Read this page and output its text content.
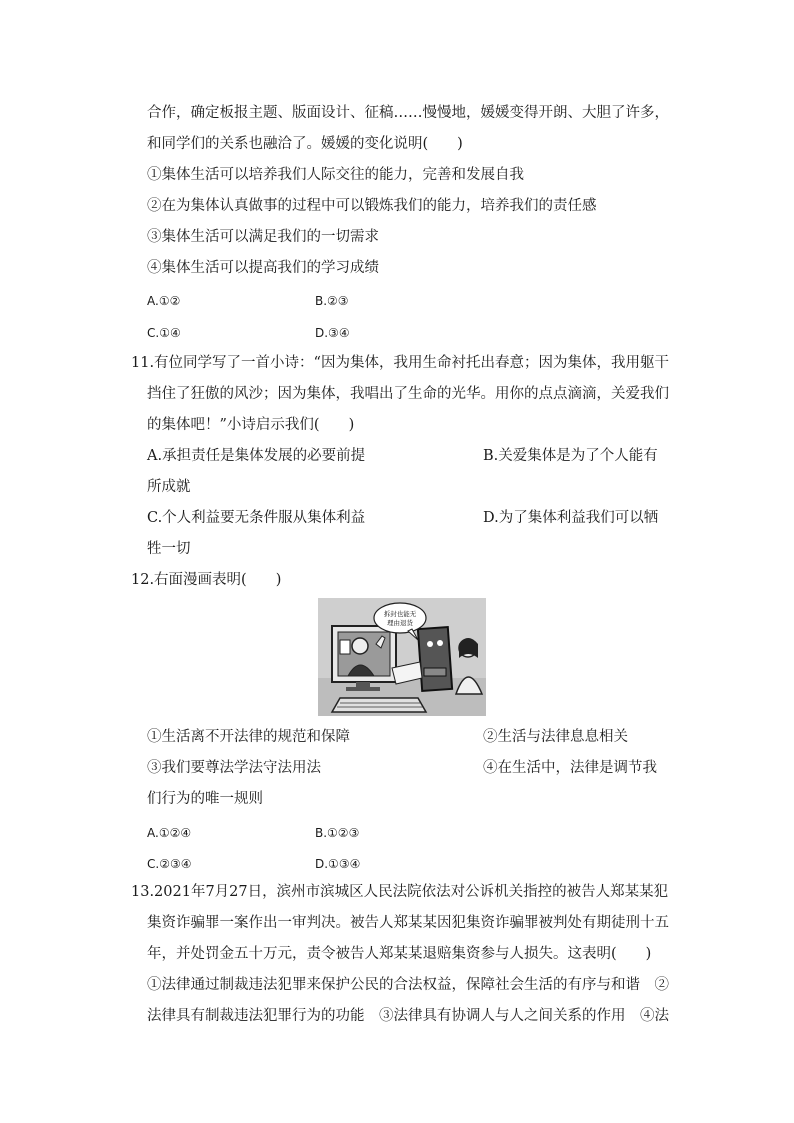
合作，确定板报主题、版面设计、征稿……慢慢地，媛媛变得开朗、大胆了许多，
和同学们的关系也融洽了。媛媛的变化说明(　　)
①集体生活可以培养我们人际交往的能力，完善和发展自我
②在为集体认真做事的过程中可以锻炼我们的能力，培养我们的责任感
③集体生活可以满足我们的一切需求
④集体生活可以提高我们的学习成绩
A.①②	B.②③
C.①④	D.③④
11.有位同学写了一首小诗：“因为集体，我用生命衬托出春意；因为集体，我用躯干
挡住了狂傲的风沙；因为集体，我唱出了生命的光华。用你的点点滴滴，关爱我们
的集体吧！”小诗启示我们(　　)
A.承担责任是集体发展的必要前提	B.关爱集体是为了个人能有
所成就
C.个人利益要无条件服从集体利益	D.为了集体利益我们可以牺
牲一切
12.右面漫画表明(　　)
拆封也能无
理由退货
①生活离不开法律的规范和保障	②生活与法律息息相关
③我们要尊法学法守法用法	④在生活中，法律是调节我
们行为的唯一规则
A.①②④	B.①②③
C.②③④	D.①③④
13.2021年7月27日，滨州市滨城区人民法院依法对公诉机关指控的被告人郑某某犯
集资诈骗罪一案作出一审判决。被告人郑某某因犯集资诈骗罪被判处有期徒刑十五
年，并处罚金五十万元，责令被告人郑某某退赔集资参与人损失。这表明(　　)
①法律通过制裁违法犯罪来保护公民的合法权益，保障社会生活的有序与和谐　②
法律具有制裁违法犯罪行为的功能　③法律具有协调人与人之间关系的作用　④法
